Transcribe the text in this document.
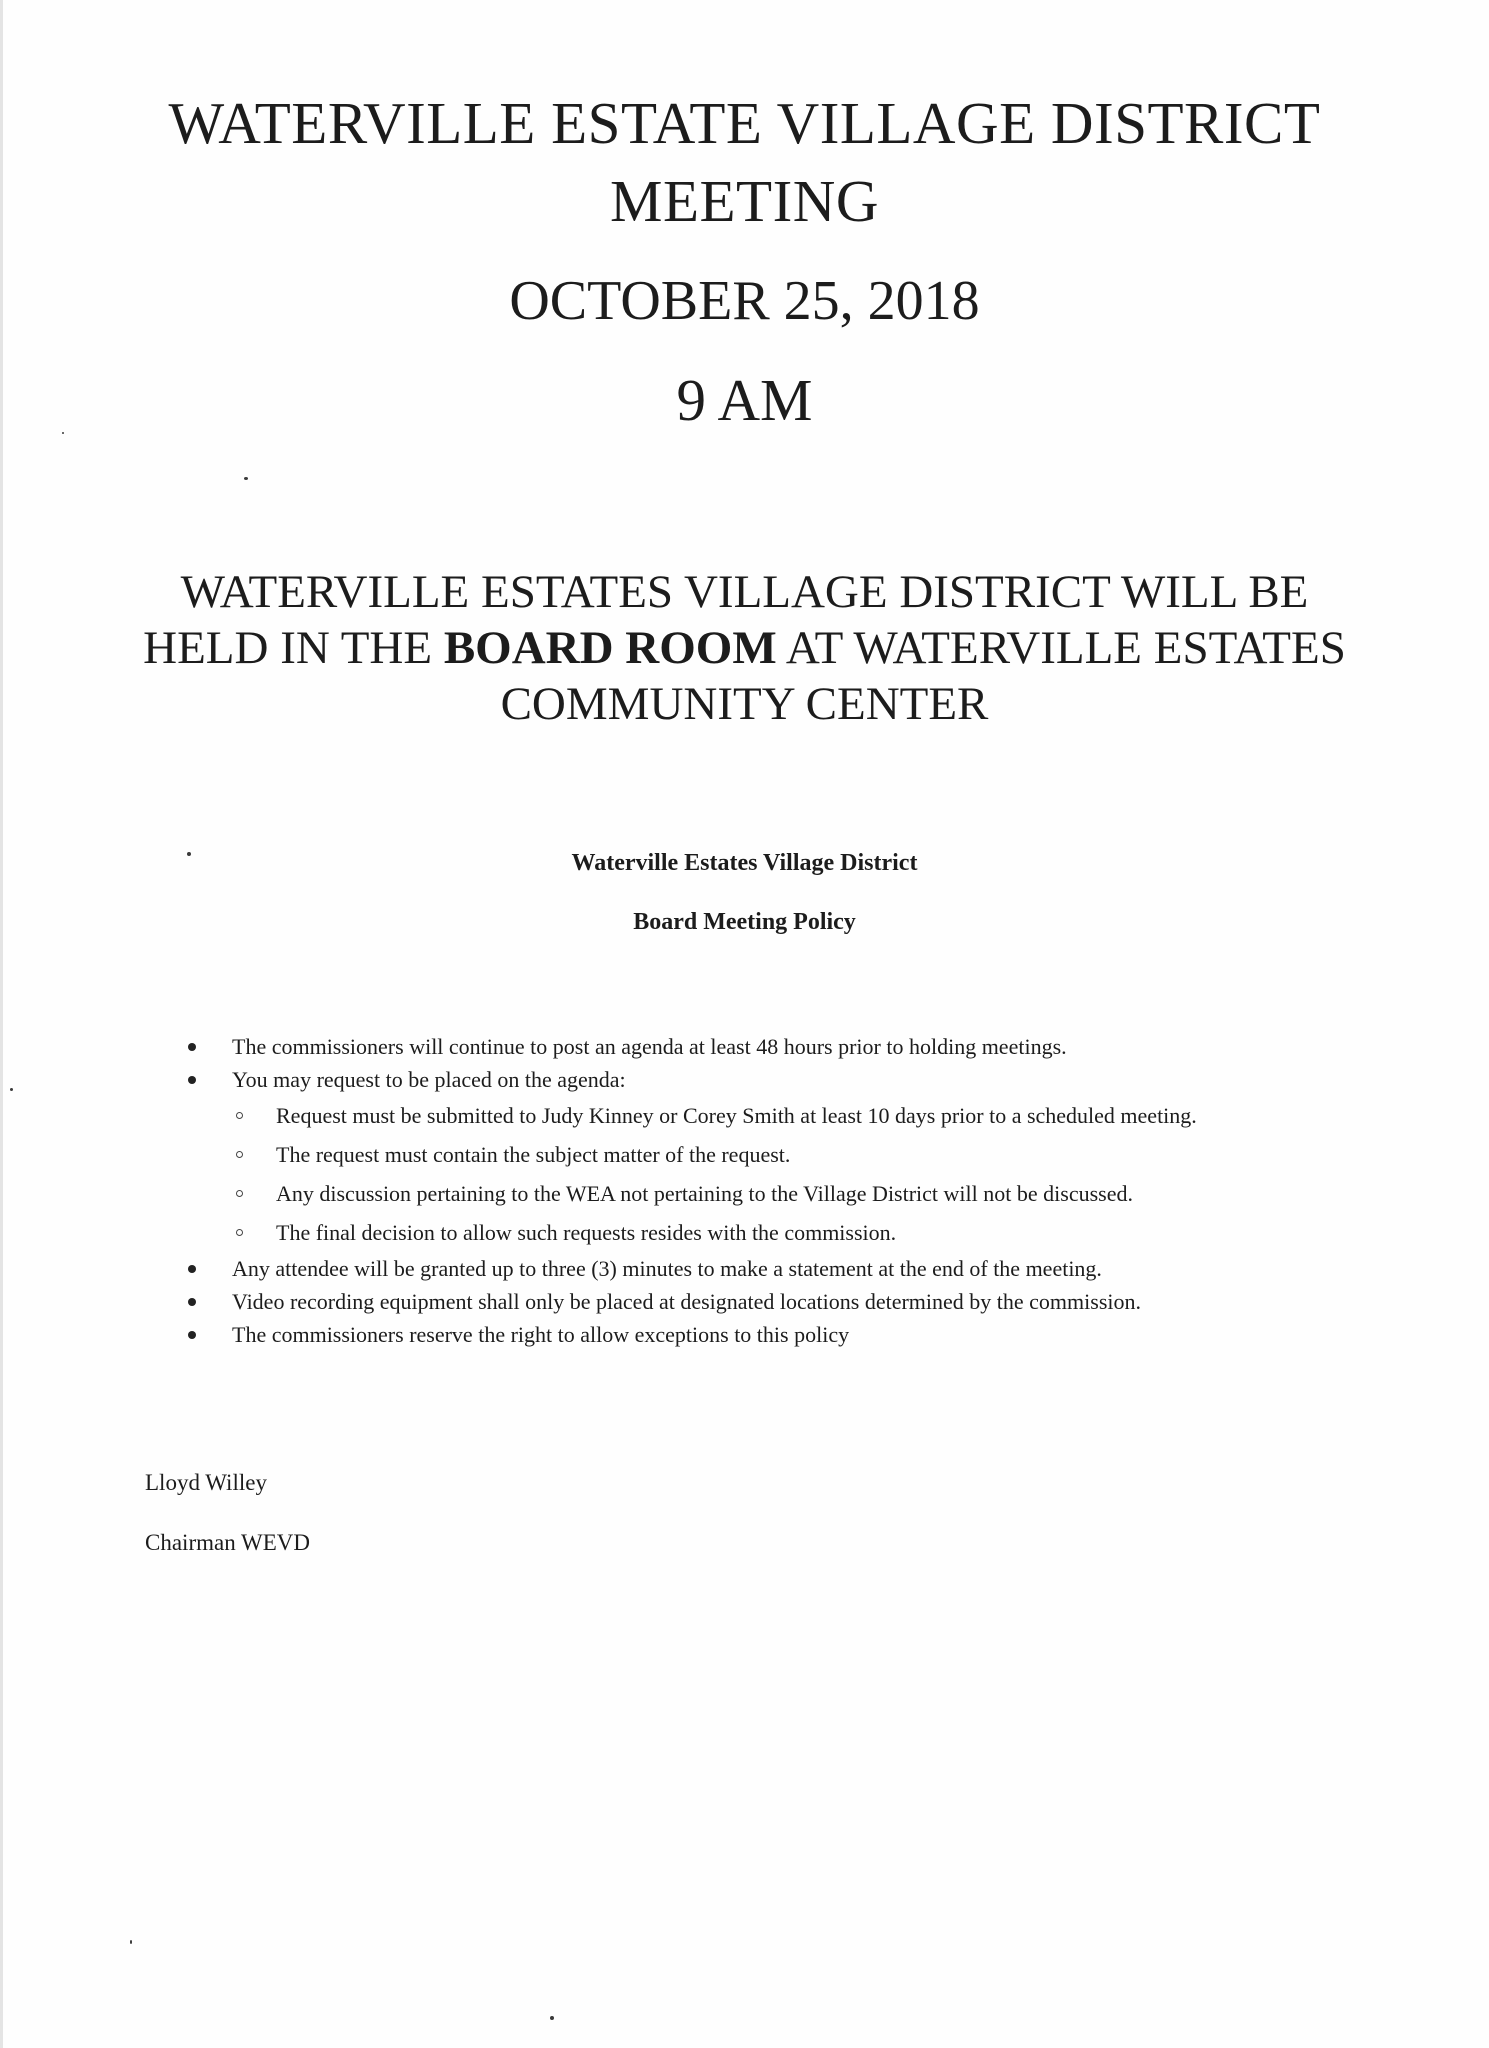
WATERVILLE ESTATE VILLAGE DISTRICT
MEETING
OCTOBER 25, 2018
9 AM
WATERVILLE ESTATES VILLAGE DISTRICT WILL BE
HELD IN THE BOARD ROOM AT WATERVILLE ESTATES
COMMUNITY CENTER
Waterville Estates Village District
Board Meeting Policy
The commissioners will continue to post an agenda at least 48 hours prior to holding meetings.
You may request to be placed on the agenda:
Request must be submitted to Judy Kinney or Corey Smith at least 10 days prior to a scheduled meeting.
The request must contain the subject matter of the request.
Any discussion pertaining to the WEA not pertaining to the Village District will not be discussed.
The final decision to allow such requests resides with the commission.
Any attendee will be granted up to three (3) minutes to make a statement at the end of the meeting.
Video recording equipment shall only be placed at designated locations determined by the commission.
The commissioners reserve the right to allow exceptions to this policy
Lloyd Willey
Chairman WEVD
